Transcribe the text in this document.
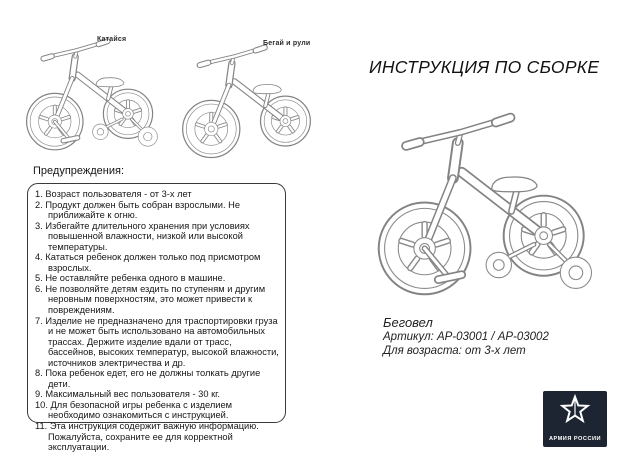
Катайся
Бегай и рули
ИНСТРУКЦИЯ ПО СБОРКЕ
Предупреждения:
1. Возраст пользователя - от 3-х лет
2. Продукт должен быть собран взрослыми. Не приближайте к огню.
3. Избегайте длительного хранения при условиях повышенной влажности, низкой или высокой температуры.
4. Кататься ребенок должен только под присмотром взрослых.
5. Не оставляйте ребенка одного в машине.
6. Не позволяйте детям ездить по ступеням и другим неровным поверхностям, это может привести к повреждениям.
7. Изделие не предназначено для траспортировки груза и не может быть использовано на автомобильных трассах. Держите изделие вдали от трасс, бассейнов, высоких температур, высокой влажности, источников электричества и др.
8. Пока ребенок едет, его не должны толкать другие дети.
9. Максимальный вес пользователя - 30 кг.
10. Для безопасной игры ребенка с изделием необходимо ознакомиться с инструкцией.
11. Эта инструкция содержит важную информацию. Пожалуйста, сохраните ее для корректной эксплуатации.
Беговел
Артикул: АР-03001 / АР-03002
Для возраста: от 3-х лет
АРМИЯ РОССИИ
